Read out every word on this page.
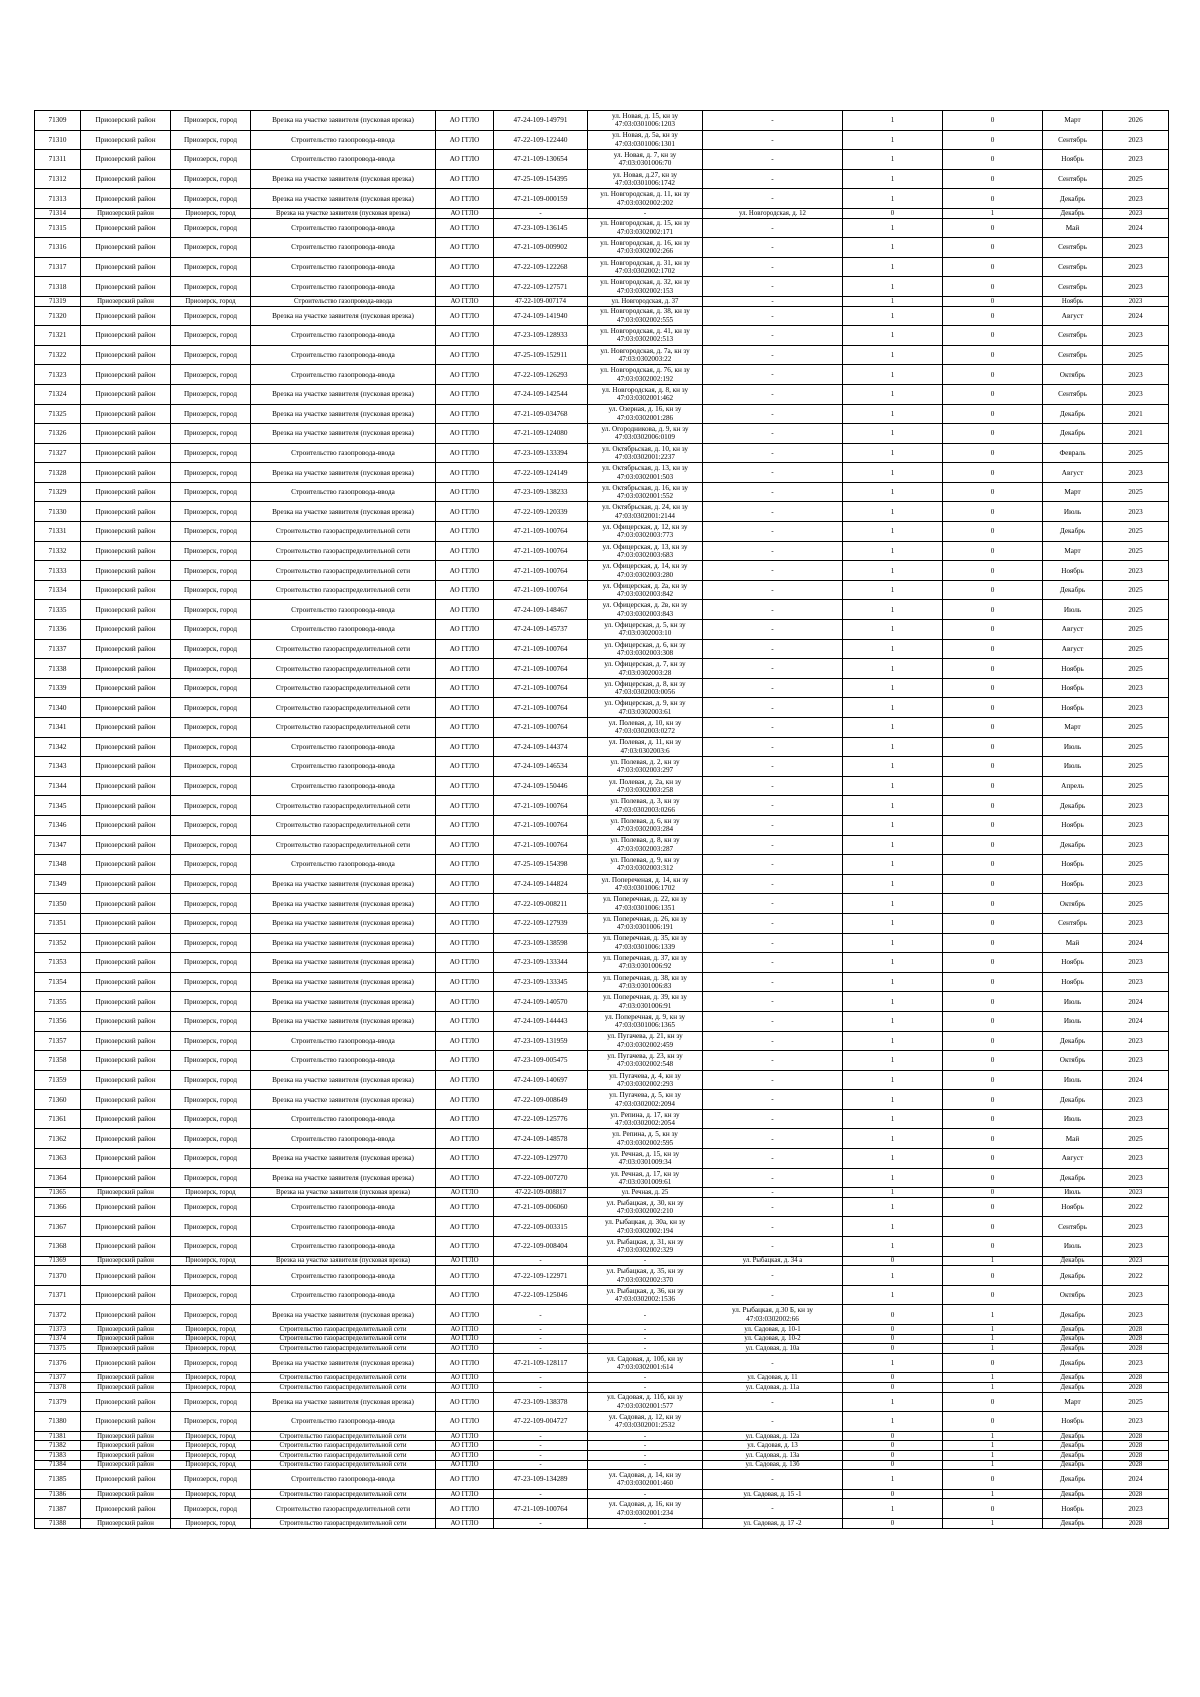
71309	Приозерский район	Приозерск, город	Врезка на участке заявителя (пусковая врезка)	АО ГГЛО	47-24-109-149791	ул. Новая, д. 15, кн зу 47:03:0301006:1203	-	1	0	Март	2026
71310	Приозерский район	Приозерск, город	Строительство газопровода-ввода	АО ГГЛО	47-22-109-122440	ул. Новая, д. 5а, кн зу 47:03:0301006:1301	-	1	0	Сентябрь	2023
71311	Приозерский район	Приозерск, город	Строительство газопровода-ввода	АО ГГЛО	47-21-109-130654	ул. Новая, д. 7, кн зу 47:03:0301006:70	-	1	0	Ноябрь	2023
71312	Приозерский район	Приозерск, город	Врезка на участке заявителя (пусковая врезка)	АО ГГЛО	47-25-109-154395	ул. Новая, д.27, кн зу 47:03:0301006:1742	-	1	0	Сентябрь	2025
71313	Приозерский район	Приозерск, город	Врезка на участке заявителя (пусковая врезка)	АО ГГЛО	47-21-109-000159	ул. Новгородская, д. 11, кн зу 47:03:0302002:202	-	1	0	Декабрь	2023
71314	Приозерский район	Приозерск, город	Врезка на участке заявителя (пусковая врезка)	АО ГГЛО	-	-	ул. Новгородская, д. 12	0	1	Декабрь	2023
71315	Приозерский район	Приозерск, город	Строительство газопровода-ввода	АО ГГЛО	47-23-109-136145	ул. Новгородская, д. 15, кн зу 47:03:0302002:171	-	1	0	Май	2024
71316	Приозерский район	Приозерск, город	Строительство газопровода-ввода	АО ГГЛО	47-21-109-009902	ул. Новгородская, д. 16, кн зу 47:03:0302002:266	-	1	0	Сентябрь	2023
71317	Приозерский район	Приозерск, город	Строительство газопровода-ввода	АО ГГЛО	47-22-109-122268	ул. Новгородская, д. 31, кн зу 47:03:0302002:1702	-	1	0	Сентябрь	2023
71318	Приозерский район	Приозерск, город	Строительство газопровода-ввода	АО ГГЛО	47-22-109-127571	ул. Новгородская, д. 32, кн зу 47:03:0302002:153	-	1	0	Сентябрь	2023
71319	Приозерский район	Приозерск, город	Строительство газопровода-ввода	АО ГГЛО	47-22-109-007174	ул. Новгородская, д. 37	-	1	0	Ноябрь	2023
71320	Приозерский район	Приозерск, город	Врезка на участке заявителя (пусковая врезка)	АО ГГЛО	47-24-109-141940	ул. Новгородская, д. 38, кн зу 47:03:0302002:555	-	1	0	Август	2024
71321	Приозерский район	Приозерск, город	Строительство газопровода-ввода	АО ГГЛО	47-23-109-128933	ул. Новгородская, д. 41, кн зу 47:03:0302002:513	-	1	0	Сентябрь	2023
71322	Приозерский район	Приозерск, город	Строительство газопровода-ввода	АО ГГЛО	47-25-109-152911	ул. Новгородская, д. 7а, кн зу 47:03:0302003:22	-	1	0	Сентябрь	2025
71323	Приозерский район	Приозерск, город	Строительство газопровода-ввода	АО ГГЛО	47-22-109-126293	ул. Новгородская, д. 76, кн зу 47:03:0302002:192	-	1	0	Октябрь	2023
71324	Приозерский район	Приозерск, город	Врезка на участке заявителя (пусковая врезка)	АО ГГЛО	47-24-109-142544	ул. Новгородская, д. 8, кн зу 47:03:0302001:462	-	1	0	Сентябрь	2023
71325	Приозерский район	Приозерск, город	Врезка на участке заявителя (пусковая врезка)	АО ГГЛО	47-21-109-034768	ул. Озерная, д. 16, кн зу 47:03:0302001:286	-	1	0	Декабрь	2021
71326	Приозерский район	Приозерск, город	Врезка на участке заявителя (пусковая врезка)	АО ГГЛО	47-21-109-124080	ул. Огородникова, д. 9, кн зу 47:03:0302006:0109	-	1	0	Декабрь	2021
71327	Приозерский район	Приозерск, город	Строительство газопровода-ввода	АО ГГЛО	47-23-109-133394	ул. Октябрьская, д. 10, кн зу 47:03:0302001:2237	-	1	0	Февраль	2025
71328	Приозерский район	Приозерск, город	Врезка на участке заявителя (пусковая врезка)	АО ГГЛО	47-22-109-124149	ул. Октябрьская, д. 13, кн зу 47:03:0302001:503	-	1	0	Август	2023
71329	Приозерский район	Приозерск, город	Строительство газопровода-ввода	АО ГГЛО	47-23-109-138233	ул. Октябрьская, д. 16, кн зу 47:03:0302001:552	-	1	0	Март	2025
71330	Приозерский район	Приозерск, город	Врезка на участке заявителя (пусковая врезка)	АО ГГЛО	47-22-109-120339	ул. Октябрьская, д. 24, кн зу 47:03:0302001:2144	-	1	0	Июль	2023
71331	Приозерский район	Приозерск, город	Строительство газораспределительной сети	АО ГГЛО	47-21-109-100764	ул. Офицерская, д. 12, кн зу 47:03:0302003:773	-	1	0	Декабрь	2025
71332	Приозерский район	Приозерск, город	Строительство газораспределительной сети	АО ГГЛО	47-21-109-100764	ул. Офицерская, д. 13, кн зу 47:03:0302003:683	-	1	0	Март	2025
71333	Приозерский район	Приозерск, город	Строительство газораспределительной сети	АО ГГЛО	47-21-109-100764	ул. Офицерская, д. 14, кн зу 47:03:0302003:280	-	1	0	Ноябрь	2023
71334	Приозерский район	Приозерск, город	Строительство газораспределительной сети	АО ГГЛО	47-21-109-100764	ул. Офицерская, д. 2а, кн зу 47:03:0302003:842	-	1	0	Декабрь	2025
71335	Приозерский район	Приозерск, город	Строительство газопровода-ввода	АО ГГЛО	47-24-109-148467	ул. Офицерская, д. 2в, кн зу 47:03:0302003:843	-	1	0	Июль	2025
71336	Приозерский район	Приозерск, город	Строительство газопровода-ввода	АО ГГЛО	47-24-109-145737	ул. Офицерская, д. 5, кн зу 47:03:0302003:10	-	1	0	Август	2025
71337	Приозерский район	Приозерск, город	Строительство газораспределительной сети	АО ГГЛО	47-21-109-100764	ул. Офицерская, д. 6, кн зу 47:03:0302003:308	-	1	0	Август	2025
71338	Приозерский район	Приозерск, город	Строительство газораспределительной сети	АО ГГЛО	47-21-109-100764	ул. Офицерская, д. 7, кн зу 47:03:0302003:28	-	1	0	Ноябрь	2025
71339	Приозерский район	Приозерск, город	Строительство газораспределительной сети	АО ГГЛО	47-21-109-100764	ул. Офицерская, д. 8, кн зу 47:03:0302003:0056	-	1	0	Ноябрь	2023
71340	Приозерский район	Приозерск, город	Строительство газораспределительной сети	АО ГГЛО	47-21-109-100764	ул. Офицерская, д. 9, кн зу 47:03:0302003:61	-	1	0	Ноябрь	2023
71341	Приозерский район	Приозерск, город	Строительство газораспределительной сети	АО ГГЛО	47-21-109-100764	ул. Полевая, д. 10, кн зу 47:03:0302003:0272	-	1	0	Март	2025
71342	Приозерский район	Приозерск, город	Строительство газопровода-ввода	АО ГГЛО	47-24-109-144374	ул. Полевая, д. 11, кн зу 47:03:0302003:6	-	1	0	Июль	2025
71343	Приозерский район	Приозерск, город	Строительство газопровода-ввода	АО ГГЛО	47-24-109-146534	ул. Полевая, д. 2, кн зу 47:03:0302003:297	-	1	0	Июль	2025
71344	Приозерский район	Приозерск, город	Строительство газопровода-ввода	АО ГГЛО	47-24-109-150446	ул. Полевая, д. 2а, кн зу 47:03:0302003:258	-	1	0	Апрель	2025
71345	Приозерский район	Приозерск, город	Строительство газораспределительной сети	АО ГГЛО	47-21-109-100764	ул. Полевая, д. 3, кн зу 47:03:0302003:0266	-	1	0	Декабрь	2023
71346	Приозерский район	Приозерск, город	Строительство газораспределительной сети	АО ГГЛО	47-21-109-100764	ул. Полевая, д. 6, кн зу 47:03:0302003:284	-	1	0	Ноябрь	2023
71347	Приозерский район	Приозерск, город	Строительство газораспределительной сети	АО ГГЛО	47-21-109-100764	ул. Полевая, д. 8, кн зу 47:03:0302003:287	-	1	0	Декабрь	2023
71348	Приозерский район	Приозерск, город	Строительство газопровода-ввода	АО ГГЛО	47-25-109-154398	ул. Полевая, д. 9, кн зу 47:03:0302003:312	-	1	0	Ноябрь	2025
71349	Приозерский район	Приозерск, город	Врезка на участке заявителя (пусковая врезка)	АО ГГЛО	47-24-109-144824	ул. Попереченая, д. 14, кн зу 47:03:0301006:1702	-	1	0	Ноябрь	2023
71350	Приозерский район	Приозерск, город	Врезка на участке заявителя (пусковая врезка)	АО ГГЛО	47-22-109-008211	ул. Поперечная, д. 22, кн зу 47:03:0301006:1351	-	1	0	Октябрь	2025
71351	Приозерский район	Приозерск, город	Врезка на участке заявителя (пусковая врезка)	АО ГГЛО	47-22-109-127939	ул. Поперечная, д. 26, кн зу 47:03:0301006:191	-	1	0	Сентябрь	2023
71352	Приозерский район	Приозерск, город	Врезка на участке заявителя (пусковая врезка)	АО ГГЛО	47-23-109-138598	ул. Поперечная, д. 35, кн зу 47:03:0301006:1339	-	1	0	Май	2024
71353	Приозерский район	Приозерск, город	Врезка на участке заявителя (пусковая врезка)	АО ГГЛО	47-23-109-133344	ул. Поперечная, д. 37, кн зу 47:03:0301006:92	-	1	0	Ноябрь	2023
71354	Приозерский район	Приозерск, город	Врезка на участке заявителя (пусковая врезка)	АО ГГЛО	47-23-109-133345	ул. Поперечная, д. 38, кн зу 47:03:0301006:83	-	1	0	Ноябрь	2023
71355	Приозерский район	Приозерск, город	Врезка на участке заявителя (пусковая врезка)	АО ГГЛО	47-24-109-140570	ул. Поперечная, д. 39, кн зу 47:03:0301006:91	-	1	0	Июль	2024
71356	Приозерский район	Приозерск, город	Врезка на участке заявителя (пусковая врезка)	АО ГГЛО	47-24-109-144443	ул. Поперечная, д. 9, кн зу 47:03:0301006:1365	-	1	0	Июль	2024
71357	Приозерский район	Приозерск, город	Строительство газопровода-ввода	АО ГГЛО	47-23-109-131959	ул. Пугачева, д. 21, кн зу 47:03:0302002:459	-	1	0	Декабрь	2023
71358	Приозерский район	Приозерск, город	Строительство газопровода-ввода	АО ГГЛО	47-23-109-005475	ул. Пугачева, д. 23, кн зу 47:03:0302002:548	-	1	0	Октябрь	2023
71359	Приозерский район	Приозерск, город	Врезка на участке заявителя (пусковая врезка)	АО ГГЛО	47-24-109-140697	ул. Пугачева, д. 4, кн зу 47:03:0302002:293	-	1	0	Июль	2024
71360	Приозерский район	Приозерск, город	Врезка на участке заявителя (пусковая врезка)	АО ГГЛО	47-22-109-008649	ул. Пугачева, д. 5, кн зу 47:03:0302002:2094	-	1	0	Декабрь	2023
71361	Приозерский район	Приозерск, город	Строительство газопровода-ввода	АО ГГЛО	47-22-109-125776	ул. Репина, д. 17, кн зу 47:03:0302002:2054	-	1	0	Июль	2023
71362	Приозерский район	Приозерск, город	Строительство газопровода-ввода	АО ГГЛО	47-24-109-148578	ул. Репина, д. 5, кн зу 47:03:0302002:595	-	1	0	Май	2025
71363	Приозерский район	Приозерск, город	Врезка на участке заявителя (пусковая врезка)	АО ГГЛО	47-22-109-129770	ул. Речная, д. 15, кн зу 47:03:0301009:34	-	1	0	Август	2023
71364	Приозерский район	Приозерск, город	Врезка на участке заявителя (пусковая врезка)	АО ГГЛО	47-22-109-007270	ул. Речная, д. 17, кн зу 47:03:0301009:61	-	1	0	Декабрь	2023
71365	Приозерский район	Приозерск, город	Врезка на участке заявителя (пусковая врезка)	АО ГГЛО	47-22-109-008817	ул. Речная, д. 25	-	1	0	Июль	2023
71366	Приозерский район	Приозерск, город	Строительство газопровода-ввода	АО ГГЛО	47-21-109-006060	ул. Рыбацкая, д. 30, кн зу 47:03:0302002:210	-	1	0	Ноябрь	2022
71367	Приозерский район	Приозерск, город	Строительство газопровода-ввода	АО ГГЛО	47-22-109-003315	ул. Рыбацкая, д. 30а, кн зу 47:03:0302002:194	-	1	0	Сентябрь	2023
71368	Приозерский район	Приозерск, город	Строительство газопровода-ввода	АО ГГЛО	47-22-109-008404	ул. Рыбацкая, д. 31, кн зу 47:03:0302002:329	-	1	0	Июль	2023
71369	Приозерский район	Приозерск, город	Врезка на участке заявителя (пусковая врезка)	АО ГГЛО	-	-	ул. Рыбацкая, д. 34 а	0	1	Декабрь	2023
71370	Приозерский район	Приозерск, город	Строительство газопровода-ввода	АО ГГЛО	47-22-109-122971	ул. Рыбацкая, д. 35, кн зу 47:03:0302002:370	-	1	0	Декабрь	2022
71371	Приозерский район	Приозерск, город	Строительство газопровода-ввода	АО ГГЛО	47-22-109-125046	ул. Рыбацкая, д. 36, кн зу 47:03:0302002:1536	-	1	0	Октябрь	2023
71372	Приозерский район	Приозерск, город	Врезка на участке заявителя (пусковая врезка)	АО ГГЛО	-	-	ул. Рыбацкая, д.30 Б, кн зу 47:03:0302002:66	0	1	Декабрь	2023
71373	Приозерский район	Приозерск, город	Строительство газораспределительной сети	АО ГГЛО	-	-	ул. Садовая, д. 10-1	0	1	Декабрь	2028
71374	Приозерский район	Приозерск, город	Строительство газораспределительной сети	АО ГГЛО	-	-	ул. Садовая, д. 10-2	0	1	Декабрь	2028
71375	Приозерский район	Приозерск, город	Строительство газораспределительной сети	АО ГГЛО	-	-	ул. Садовая, д. 10а	0	1	Декабрь	2028
71376	Приозерский район	Приозерск, город	Врезка на участке заявителя (пусковая врезка)	АО ГГЛО	47-21-109-128117	ул. Садовая, д. 10б, кн зу 47:03:0302001:614	-	1	0	Декабрь	2023
71377	Приозерский район	Приозерск, город	Строительство газораспределительной сети	АО ГГЛО	-	-	ул. Садовая, д. 11	0	1	Декабрь	2028
71378	Приозерский район	Приозерск, город	Строительство газораспределительной сети	АО ГГЛО	-	-	ул. Садовая, д. 11а	0	1	Декабрь	2028
71379	Приозерский район	Приозерск, город	Врезка на участке заявителя (пусковая врезка)	АО ГГЛО	47-23-109-138378	ул. Садовая, д. 11б, кн зу 47:03:0302001:577	-	1	0	Март	2025
71380	Приозерский район	Приозерск, город	Строительство газопровода-ввода	АО ГГЛО	47-22-109-004727	ул. Садовая, д. 12, кн зу 47:03:0302001:2532	-	1	0	Ноябрь	2023
71381	Приозерский район	Приозерск, город	Строительство газораспределительной сети	АО ГГЛО	-	-	ул. Садовая, д. 12а	0	1	Декабрь	2028
71382	Приозерский район	Приозерск, город	Строительство газораспределительной сети	АО ГГЛО	-	-	ул. Садовая, д. 13	0	1	Декабрь	2028
71383	Приозерский район	Приозерск, город	Строительство газораспределительной сети	АО ГГЛО	-	-	ул. Садовая, д. 13а	0	1	Декабрь	2028
71384	Приозерский район	Приозерск, город	Строительство газораспределительной сети	АО ГГЛО	-	-	ул. Садовая, д. 13б	0	1	Декабрь	2028
71385	Приозерский район	Приозерск, город	Строительство газопровода-ввода	АО ГГЛО	47-23-109-134289	ул. Садовая, д. 14, кн зу 47:03:0302001:460	-	1	0	Декабрь	2024
71386	Приозерский район	Приозерск, город	Строительство газораспределительной сети	АО ГГЛО	-	-	ул. Садовая, д. 15 -1	0	1	Декабрь	2028
71387	Приозерский район	Приозерск, город	Строительство газораспределительной сети	АО ГГЛО	47-21-109-100764	ул. Садовая, д. 16, кн зу 47:03:0302001:234	-	1	0	Ноябрь	2023
71388	Приозерский район	Приозерск, город	Строительство газораспределительной сети	АО ГГЛО	-	-	ул. Садовая, д. 17 -2	0	1	Декабрь	2028
